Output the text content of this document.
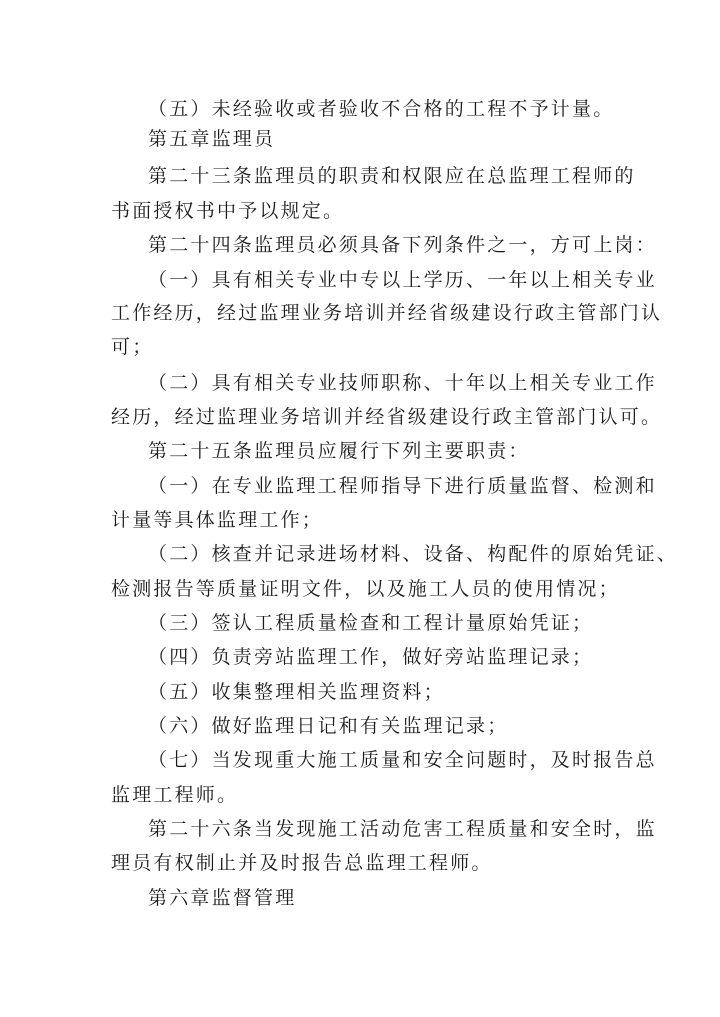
（五）未经验收或者验收不合格的工程不予计量。
第五章监理员
第二十三条监理员的职责和权限应在总监理工程师的
书面授权书中予以规定。
第二十四条监理员必须具备下列条件之一，方可上岗：
（一）具有相关专业中专以上学历、一年以上相关专业
工作经历，经过监理业务培训并经省级建设行政主管部门认
可；
（二）具有相关专业技师职称、十年以上相关专业工作
经历，经过监理业务培训并经省级建设行政主管部门认可。
第二十五条监理员应履行下列主要职责：
（一）在专业监理工程师指导下进行质量监督、检测和
计量等具体监理工作；
（二）核查并记录进场材料、设备、构配件的原始凭证、
检测报告等质量证明文件，以及施工人员的使用情况；
（三）签认工程质量检查和工程计量原始凭证；
（四）负责旁站监理工作，做好旁站监理记录；
（五）收集整理相关监理资料；
（六）做好监理日记和有关监理记录；
（七）当发现重大施工质量和安全问题时，及时报告总
监理工程师。
第二十六条当发现施工活动危害工程质量和安全时，监
理员有权制止并及时报告总监理工程师。
第六章监督管理
